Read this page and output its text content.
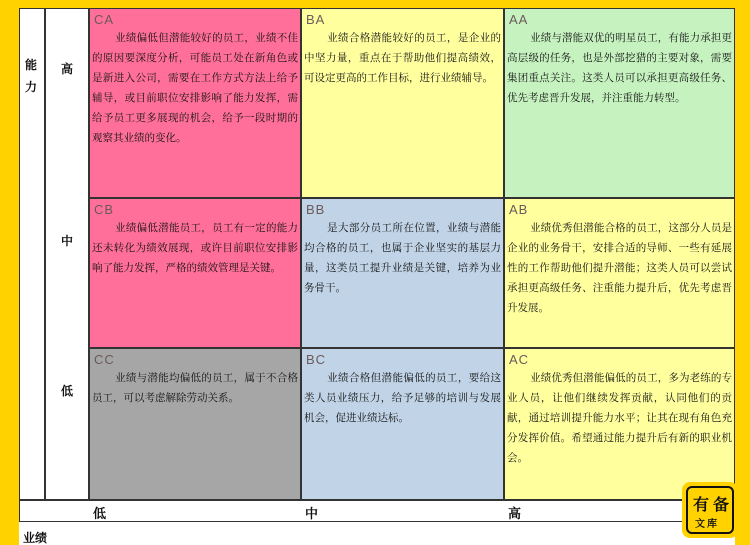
能力
高
中
低
CA
业绩偏低但潜能较好的员工，业绩不佳的原因要深度分析，可能员工处在新角色或是新进入公司，需要在工作方式方法上给予辅导，或目前职位安排影响了能力发挥，需给予员工更多展现的机会，给予一段时期的观察其业绩的变化。
BA
业绩合格潜能较好的员工，是企业的中坚力量，重点在于帮助他们提高绩效，可设定更高的工作目标，进行业绩辅导。
AA
业绩与潜能双优的明星员工，有能力承担更高层级的任务，也是外部挖猎的主要对象，需要集团重点关注。这类人员可以承担更高级任务、优先考虑晋升发展，并注重能力转型。
CB
业绩偏低潜能员工，员工有一定的能力还未转化为绩效展现，或许目前职位安排影响了能力发挥，严格的绩效管理是关键。
BB
是大部分员工所在位置，业绩与潜能均合格的员工，也属于企业坚实的基层力量，这类员工提升业绩是关键，培养为业务骨干。
AB
业绩优秀但潜能合格的员工，这部分人员是企业的业务骨干，安排合适的导师、一些有延展性的工作帮助他们提升潜能；这类人员可以尝试承担更高级任务、注重能力提升后，优先考虑晋升发展。
CC
业绩与潜能均偏低的员工，属于不合格员工，可以考虑解除劳动关系。
BC
业绩合格但潜能偏低的员工，要给这类人员业绩压力，给予足够的培训与发展机会，促进业绩达标。
AC
业绩优秀但潜能偏低的员工，多为老练的专业人员，让他们继续发挥贡献，认同他们的贡献，通过培训提升能力水平；让其在现有角色充分发挥价值。希望通过能力提升后有新的职业机会。
低	中	高
业绩
有 备
文库
